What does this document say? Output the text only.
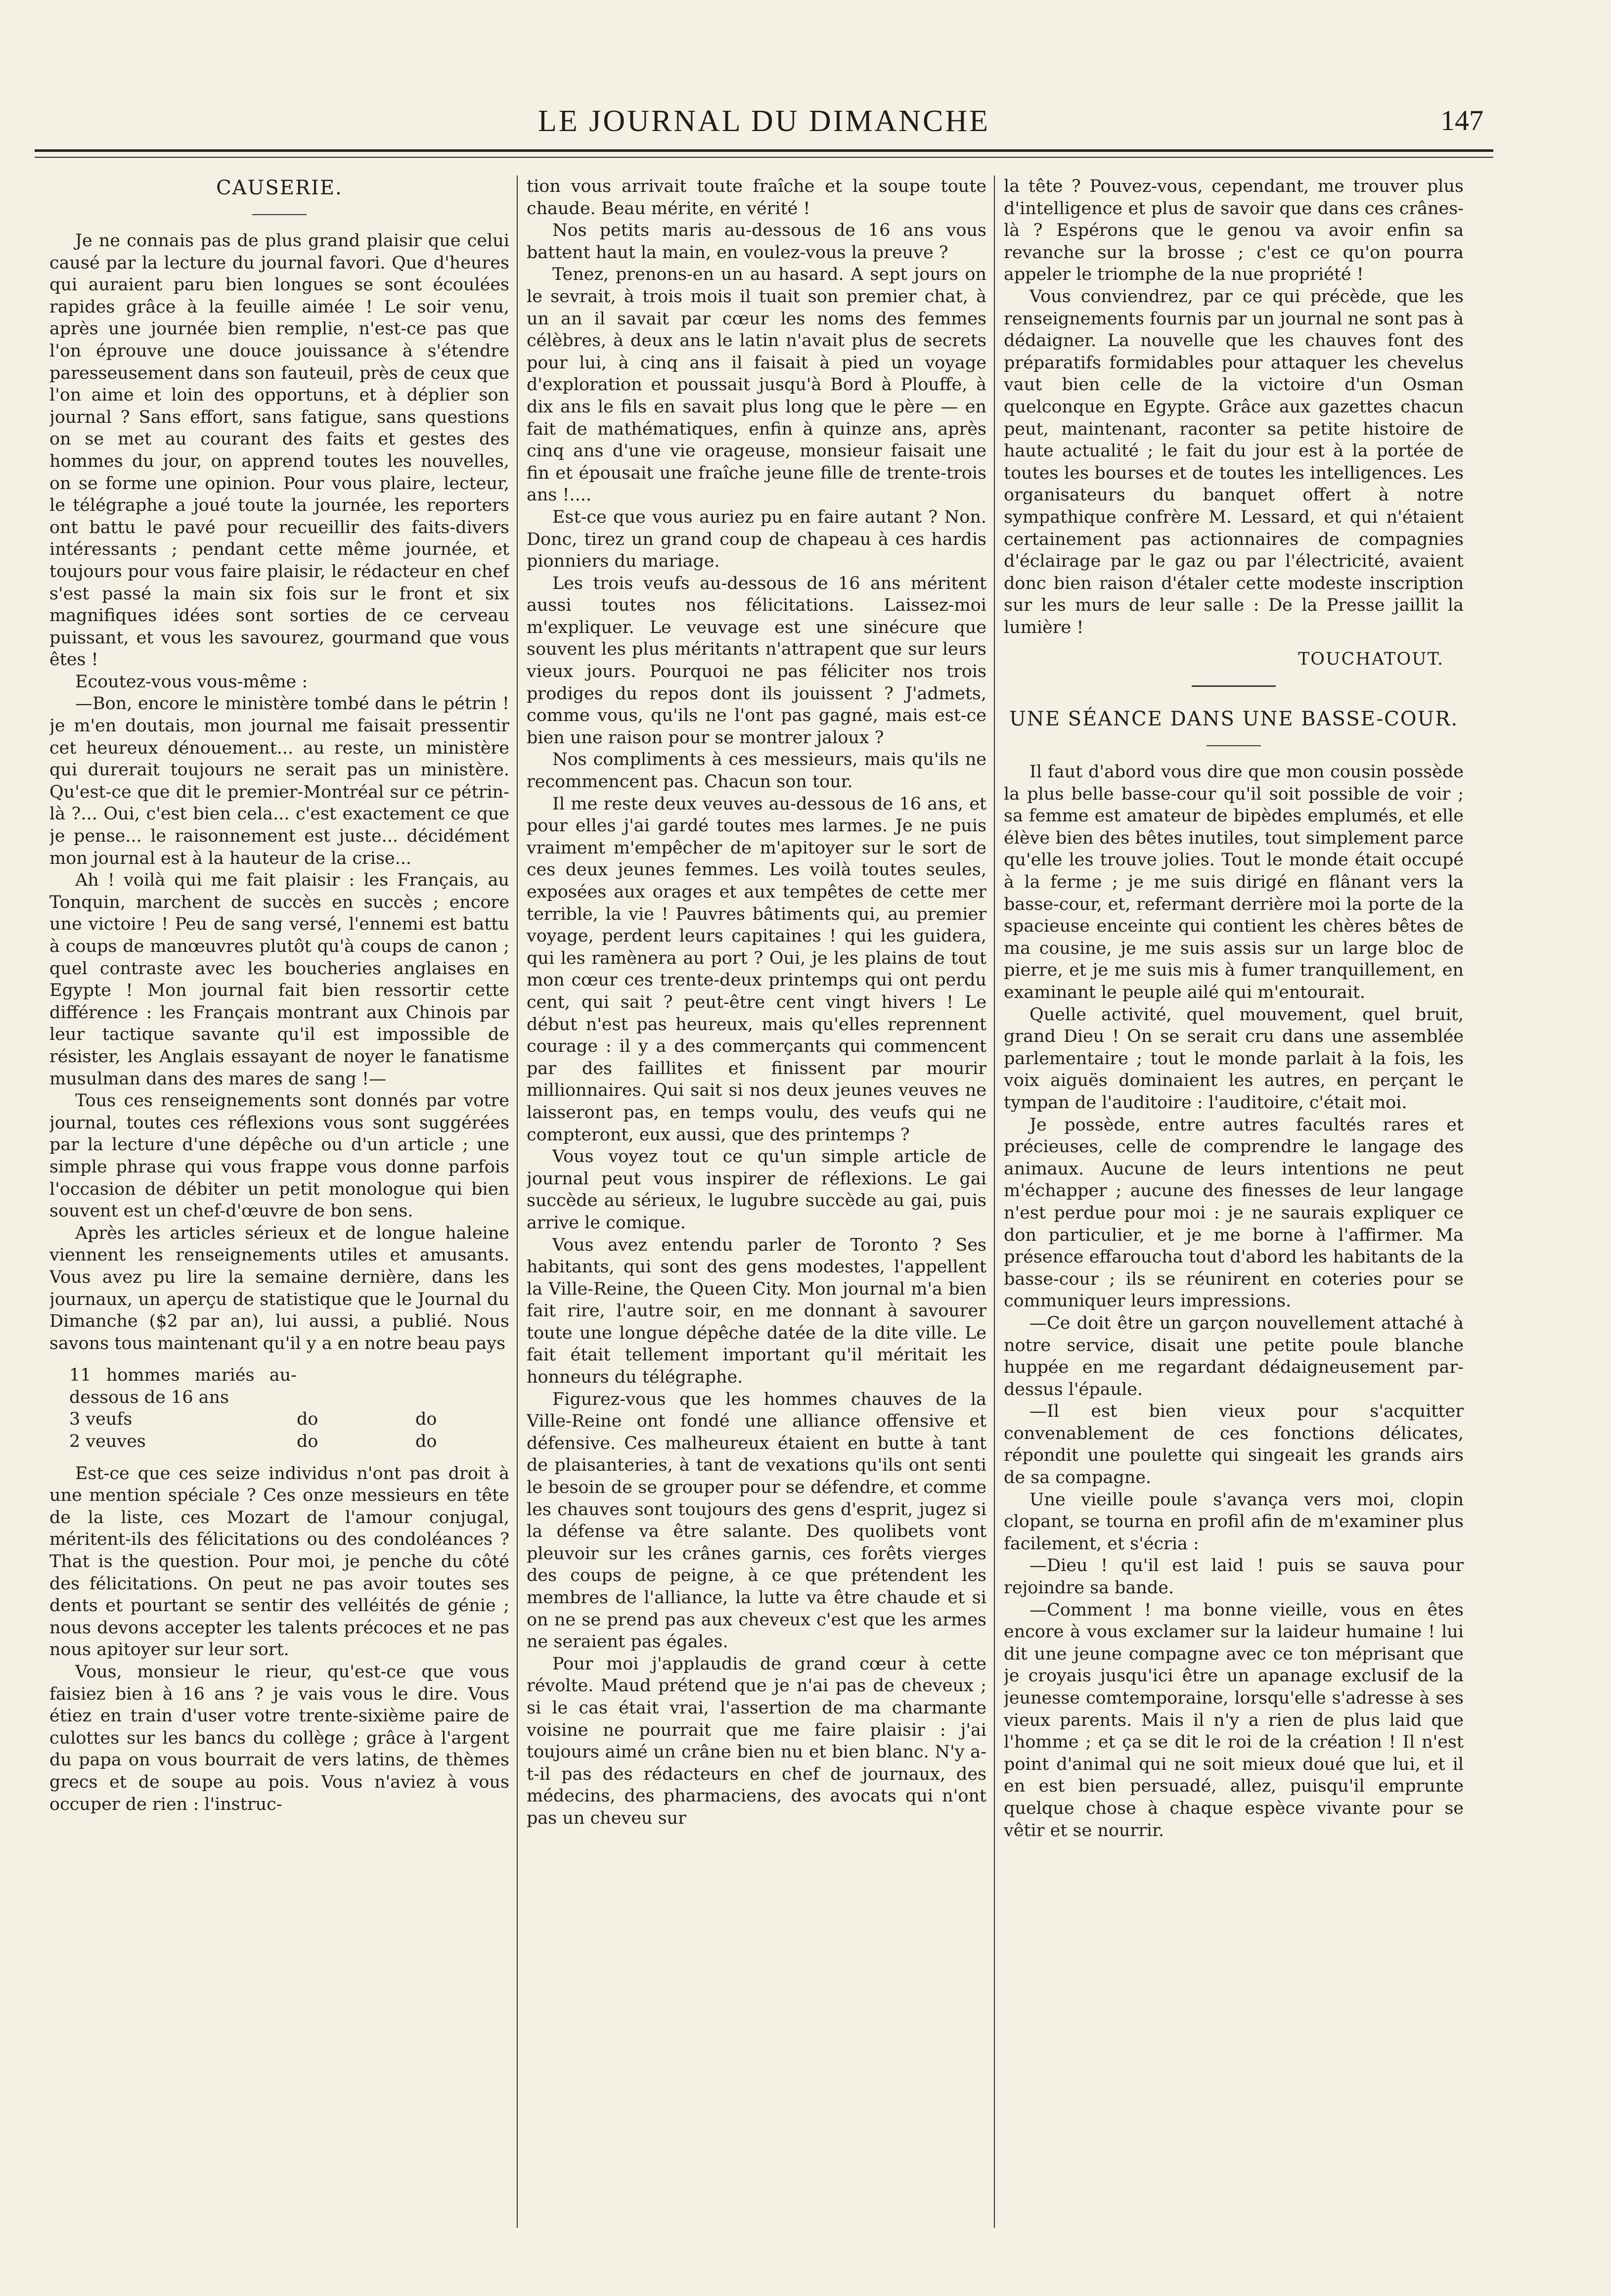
LE JOURNAL DU DIMANCHE	147
CAUSERIE.

Je ne connais pas de plus grand plaisir que celui causé par la lecture du journal favori. Que d'heures qui auraient paru bien longues se sont écoulées rapides grâce à la feuille aimée ! Le soir venu, après une journée bien remplie, n'est-ce pas que l'on éprouve une douce jouissance à s'étendre paresseusement dans son fauteuil, près de ceux que l'on aime et loin des opportuns, et à déplier son journal ? Sans effort, sans fatigue, sans questions on se met au courant des faits et gestes des hommes du jour, on apprend toutes les nouvelles, on se forme une opinion. Pour vous plaire, lecteur, le télégraphe a joué toute la journée, les reporters ont battu le pavé pour recueillir des faits-divers intéressants ; pendant cette même journée, et toujours pour vous faire plaisir, le rédacteur en chef s'est passé la main six fois sur le front et six magnifiques idées sont sorties de ce cerveau puissant, et vous les savourez, gourmand que vous êtes !

Ecoutez-vous vous-même :

—Bon, encore le ministère tombé dans le pétrin ! je m'en doutais, mon journal me faisait pressentir cet heureux dénouement... au reste, un ministère qui durerait toujours ne serait pas un ministère. Qu'est-ce que dit le premier-Montréal sur ce pétrin-là ?... Oui, c'est bien cela... c'est exactement ce que je pense... le raisonnement est juste... décidément mon journal est à la hauteur de la crise...

Ah ! voilà qui me fait plaisir : les Français, au Tonquin, marchent de succès en succès ; encore une victoire ! Peu de sang versé, l'ennemi est battu à coups de manœuvres plutôt qu'à coups de canon ; quel contraste avec les boucheries anglaises en Egypte ! Mon journal fait bien ressortir cette différence : les Français montrant aux Chinois par leur tactique savante qu'il est impossible de résister, les Anglais essayant de noyer le fanatisme musulman dans des mares de sang !—

Tous ces renseignements sont donnés par votre journal, toutes ces réflexions vous sont suggérées par la lecture d'une dépêche ou d'un article ; une simple phrase qui vous frappe vous donne parfois l'occasion de débiter un petit monologue qui bien souvent est un chef-d'œuvre de bon sens.

Après les articles sérieux et de longue haleine viennent les renseignements utiles et amusants. Vous avez pu lire la semaine dernière, dans les journaux, un aperçu de statistique que le Journal du Dimanche ($2 par an), lui aussi, a publié. Nous savons tous maintenant qu'il y a en notre beau pays

11 hommes mariés au-dessous de 16 ans
3 veufs	do	do
2 veuves	do	do

Est-ce que ces seize individus n'ont pas droit à une mention spéciale ? Ces onze messieurs en tête de la liste, ces Mozart de l'amour conjugal, méritent-ils des félicitations ou des condoléances ? That is the question. Pour moi, je penche du côté des félicitations. On peut ne pas avoir toutes ses dents et pourtant se sentir des velléités de génie ; nous devons accepter les talents précoces et ne pas nous apitoyer sur leur sort.

Vous, monsieur le rieur, qu'est-ce que vous faisiez bien à 16 ans ? je vais vous le dire. Vous étiez en train d'user votre trente-sixième paire de culottes sur les bancs du collège ; grâce à l'argent du papa on vous bourrait de vers latins, de thèmes grecs et de soupe au pois. Vous n'aviez à vous occuper de rien : l'instruc-

tion vous arrivait toute fraîche et la soupe toute chaude. Beau mérite, en vérité !

Nos petits maris au-dessous de 16 ans vous battent haut la main, en voulez-vous la preuve ?

Tenez, prenons-en un au hasard. A sept jours on le sevrait, à trois mois il tuait son premier chat, à un an il savait par cœur les noms des femmes célèbres, à deux ans le latin n'avait plus de secrets pour lui, à cinq ans il faisait à pied un voyage d'exploration et poussait jusqu'à Bord à Plouffe, à dix ans le fils en savait plus long que le père — en fait de mathématiques, enfin à quinze ans, après cinq ans d'une vie orageuse, monsieur faisait une fin et épousait une fraîche jeune fille de trente-trois ans !....

Est-ce que vous auriez pu en faire autant ? Non. Donc, tirez un grand coup de chapeau à ces hardis pionniers du mariage.

Les trois veufs au-dessous de 16 ans méritent aussi toutes nos félicitations. Laissez-moi m'expliquer. Le veuvage est une sinécure que souvent les plus méritants n'attrapent que sur leurs vieux jours. Pourquoi ne pas féliciter nos trois prodiges du repos dont ils jouissent ? J'admets, comme vous, qu'ils ne l'ont pas gagné, mais est-ce bien une raison pour se montrer jaloux ?

Nos compliments à ces messieurs, mais qu'ils ne recommencent pas. Chacun son tour.

Il me reste deux veuves au-dessous de 16 ans, et pour elles j'ai gardé toutes mes larmes. Je ne puis vraiment m'empêcher de m'apitoyer sur le sort de ces deux jeunes femmes. Les voilà toutes seules, exposées aux orages et aux tempêtes de cette mer terrible, la vie ! Pauvres bâtiments qui, au premier voyage, perdent leurs capitaines ! qui les guidera, qui les ramènera au port ? Oui, je les plains de tout mon cœur ces trente-deux printemps qui ont perdu cent, qui sait ? peut-être cent vingt hivers ! Le début n'est pas heureux, mais qu'elles reprennent courage : il y a des commerçants qui commencent par des faillites et finissent par mourir millionnaires. Qui sait si nos deux jeunes veuves ne laisseront pas, en temps voulu, des veufs qui ne compteront, eux aussi, que des printemps ?

Vous voyez tout ce qu'un simple article de journal peut vous inspirer de réflexions. Le gai succède au sérieux, le lugubre succède au gai, puis arrive le comique.

Vous avez entendu parler de Toronto ? Ses habitants, qui sont des gens modestes, l'appellent la Ville-Reine, the Queen City. Mon journal m'a bien fait rire, l'autre soir, en me donnant à savourer toute une longue dépêche datée de la dite ville. Le fait était tellement important qu'il méritait les honneurs du télégraphe.

Figurez-vous que les hommes chauves de la Ville-Reine ont fondé une alliance offensive et défensive. Ces malheureux étaient en butte à tant de plaisanteries, à tant de vexations qu'ils ont senti le besoin de se grouper pour se défendre, et comme les chauves sont toujours des gens d'esprit, jugez si la défense va être salante. Des quolibets vont pleuvoir sur les crânes garnis, ces forêts vierges des coups de peigne, à ce que prétendent les membres de l'alliance, la lutte va être chaude et si on ne se prend pas aux cheveux c'est que les armes ne seraient pas égales.

Pour moi j'applaudis de grand cœur à cette révolte. Maud prétend que je n'ai pas de cheveux ; si le cas était vrai, l'assertion de ma charmante voisine ne pourrait que me faire plaisir : j'ai toujours aimé un crâne bien nu et bien blanc. N'y a-t-il pas des rédacteurs en chef de journaux, des médecins, des pharmaciens, des avocats qui n'ont pas un cheveu sur

la tête ? Pouvez-vous, cependant, me trouver plus d'intelligence et plus de savoir que dans ces crânes-là ? Espérons que le genou va avoir enfin sa revanche sur la brosse ; c'est ce qu'on pourra appeler le triomphe de la nue propriété !

Vous conviendrez, par ce qui précède, que les renseignements fournis par un journal ne sont pas à dédaigner. La nouvelle que les chauves font des préparatifs formidables pour attaquer les chevelus vaut bien celle de la victoire d'un Osman quelconque en Egypte. Grâce aux gazettes chacun peut, maintenant, raconter sa petite histoire de haute actualité ; le fait du jour est à la portée de toutes les bourses et de toutes les intelligences. Les organisateurs du banquet offert à notre sympathique confrère M. Lessard, et qui n'étaient certainement pas actionnaires de compagnies d'éclairage par le gaz ou par l'électricité, avaient donc bien raison d'étaler cette modeste inscription sur les murs de leur salle : De la Presse jaillit la lumière !

TOUCHATOUT.
UNE SÉANCE DANS UNE BASSE-COUR.

Il faut d'abord vous dire que mon cousin possède la plus belle basse-cour qu'il soit possible de voir ; sa femme est amateur de bipèdes emplumés, et elle élève bien des bêtes inutiles, tout simplement parce qu'elle les trouve jolies. Tout le monde était occupé à la ferme ; je me suis dirigé en flânant vers la basse-cour, et, refermant derrière moi la porte de la spacieuse enceinte qui contient les chères bêtes de ma cousine, je me suis assis sur un large bloc de pierre, et je me suis mis à fumer tranquillement, en examinant le peuple ailé qui m'entourait.

Quelle activité, quel mouvement, quel bruit, grand Dieu ! On se serait cru dans une assemblée parlementaire ; tout le monde parlait à la fois, les voix aiguës dominaient les autres, en perçant le tympan de l'auditoire : l'auditoire, c'était moi.

Je possède, entre autres facultés rares et précieuses, celle de comprendre le langage des animaux. Aucune de leurs intentions ne peut m'échapper ; aucune des finesses de leur langage n'est perdue pour moi : je ne saurais expliquer ce don particulier, et je me borne à l'affirmer. Ma présence effaroucha tout d'abord les habitants de la basse-cour ; ils se réunirent en coteries pour se communiquer leurs impressions.

—Ce doit être un garçon nouvellement attaché à notre service, disait une petite poule blanche huppée en me regardant dédaigneusement par-dessus l'épaule.

—Il est bien vieux pour s'acquitter convenablement de ces fonctions délicates, répondit une poulette qui singeait les grands airs de sa compagne.

Une vieille poule s'avança vers moi, clopin clopant, se tourna en profil afin de m'examiner plus facilement, et s'écria :

—Dieu ! qu'il est laid ! puis se sauva pour rejoindre sa bande.

—Comment ! ma bonne vieille, vous en êtes encore à vous exclamer sur la laideur humaine ! lui dit une jeune compagne avec ce ton méprisant que je croyais jusqu'ici être un apanage exclusif de la jeunesse comtemporaine, lorsqu'elle s'adresse à ses vieux parents. Mais il n'y a rien de plus laid que l'homme ; et ça se dit le roi de la création ! Il n'est point d'animal qui ne soit mieux doué que lui, et il en est bien persuadé, allez, puisqu'il emprunte quelque chose à chaque espèce vivante pour se vêtir et se nourrir.
